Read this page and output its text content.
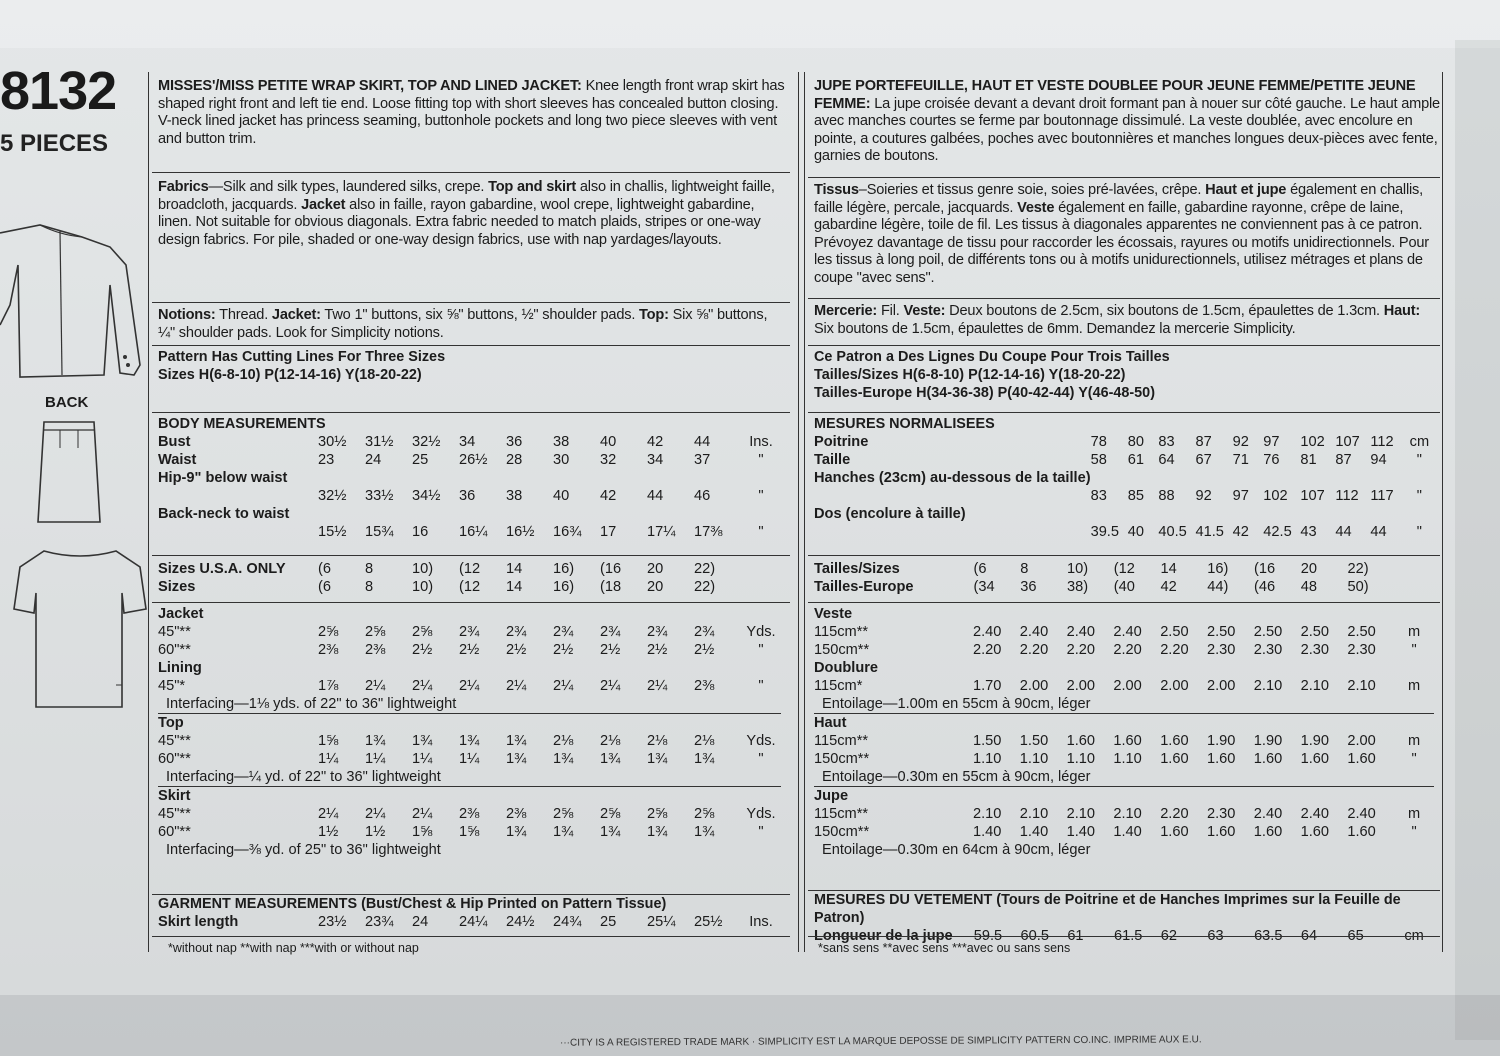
8132
5 PIECES
BACK

MISSES'/MISS PETITE WRAP SKIRT, TOP AND LINED JACKET: Knee length front wrap skirt has shaped right front and left tie end. Loose fitting top with short sleeves has concealed button closing. V-neck lined jacket has princess seaming, buttonhole pockets and long two piece sleeves with vent and button trim.

Fabrics—Silk and silk types, laundered silks, crepe. Top and skirt also in challis, lightweight faille, broadcloth, jacquards. Jacket also in faille, rayon gabardine, wool crepe, lightweight gabardine, linen. Not suitable for obvious diagonals. Extra fabric needed to match plaids, stripes or one-way design fabrics. For pile, shaded or one-way design fabrics, use with nap yardages/layouts.

Notions: Thread. Jacket: Two 1" buttons, six ⅝" buttons, ½" shoulder pads. Top: Six ⅝" buttons, ¼" shoulder pads. Look for Simplicity notions.

Pattern Has Cutting Lines For Three Sizes
Sizes H(6-8-10) P(12-14-16) Y(18-20-22)
BODY MEASUREMENTS
Bust	30½	31½	32½	34	36	38	40	42	44	Ins.
Waist	23	24	25	26½	28	30	32	34	37	"
Hip-9" below waist										
	32½	33½	34½	36	38	40	42	44	46	"
Back-neck to waist										
	15½	15¾	16	16¼	16½	16¾	17	17¼	17⅜	"
Sizes U.S.A. ONLY	(6	8	10)	(12	14	16)	(16	20	22)	
Sizes	(6	8	10)	(12	14	16)	(18	20	22)	
Jacket										
45"**	2⅝	2⅝	2⅝	2¾	2¾	2¾	2¾	2¾	2¾	Yds.
60"**	2⅜	2⅜	2½	2½	2½	2½	2½	2½	2½	"
Lining										
45"*	1⅞	2¼	2¼	2¼	2¼	2¼	2¼	2¼	2⅜	"
Interfacing—1⅛ yds. of 22" to 36" lightweight										
Top										
45"**	1⅝	1¾	1¾	1¾	1¾	2⅛	2⅛	2⅛	2⅛	Yds.
60"**	1¼	1¼	1¼	1¼	1¾	1¾	1¾	1¾	1¾	"
Interfacing—¼ yd. of 22" to 36" lightweight										
Skirt										
45"**	2¼	2¼	2¼	2⅜	2⅜	2⅝	2⅝	2⅝	2⅝	Yds.
60"**	1½	1½	1⅝	1⅝	1¾	1¾	1¾	1¾	1¾	"
Interfacing—⅜ yd. of 25" to 36" lightweight										
GARMENT MEASUREMENTS (Bust/Chest & Hip Printed on Pattern Tissue)
Skirt length	23½	23¾	24	24¼	24½	24¾	25	25¼	25½	Ins.
*without nap **with nap ***with or without nap

JUPE PORTEFEUILLE, HAUT ET VESTE DOUBLEE POUR JEUNE FEMME/PETITE JEUNE FEMME: La jupe croisée devant a devant droit formant pan à nouer sur côté gauche. Le haut ample avec manches courtes se ferme par boutonnage dissimulé. La veste doublée, avec encolure en pointe, a coutures galbées, poches avec boutonnières et manches longues deux-pièces avec fente, garnies de boutons.

Tissus–Soieries et tissus genre soie, soies pré-lavées, crêpe. Haut et jupe également en challis, faille légère, percale, jacquards. Veste également en faille, gabardine rayonne, crêpe de laine, gabardine légère, toile de fil. Les tissus à diagonales apparentes ne conviennent pas à ce patron. Prévoyez davantage de tissu pour raccorder les écossais, rayures ou motifs unidirectionnels. Pour les tissus à long poil, de différents tons ou à motifs unidurectionnels, utilisez métrages et plans de coupe "avec sens".

Mercerie: Fil. Veste: Deux boutons de 2.5cm, six boutons de 1.5cm, épaulettes de 1.3cm. Haut: Six boutons de 1.5cm, épaulettes de 6mm. Demandez la mercerie Simplicity.

Ce Patron a Des Lignes Du Coupe Pour Trois Tailles
Tailles/Sizes H(6-8-10) P(12-14-16) Y(18-20-22)
Tailles-Europe H(34-36-38) P(40-42-44) Y(46-48-50)
MESURES NORMALISEES
Poitrine	78	80	83	87	92	97	102	107	112	cm
Taille	58	61	64	67	71	76	81	87	94	"
Hanches (23cm) au-dessous de la taille)										
	83	85	88	92	97	102	107	112	117	"
Dos (encolure à taille)										
	39.5	40	40.5	41.5	42	42.5	43	44	44	"
Tailles/Sizes	(6	8	10)	(12	14	16)	(16	20	22)	
Tailles-Europe	(34	36	38)	(40	42	44)	(46	48	50)	
Veste										
115cm**	2.40	2.40	2.40	2.40	2.50	2.50	2.50	2.50	2.50	m
150cm**	2.20	2.20	2.20	2.20	2.20	2.30	2.30	2.30	2.30	"
Doublure										
115cm*	1.70	2.00	2.00	2.00	2.00	2.00	2.10	2.10	2.10	m
Entoilage—1.00m en 55cm à 90cm, léger										
Haut										
115cm**	1.50	1.50	1.60	1.60	1.60	1.90	1.90	1.90	2.00	m
150cm**	1.10	1.10	1.10	1.10	1.60	1.60	1.60	1.60	1.60	"
Entoilage—0.30m en 55cm à 90cm, léger										
Jupe										
115cm**	2.10	2.10	2.10	2.10	2.20	2.30	2.40	2.40	2.40	m
150cm**	1.40	1.40	1.40	1.40	1.60	1.60	1.60	1.60	1.60	"
Entoilage—0.30m en 64cm à 90cm, léger										
MESURES DU VETEMENT (Tours de Poitrine et de Hanches Imprimes sur la Feuille de Patron)
Longueur de la jupe	59.5	60.5	61	61.5	62	63	63.5	64	65	cm
*sans sens **avec sens ***avec ou sans sens
···CITY IS A REGISTERED TRADE MARK · SIMPLICITY EST LA MARQUE DEPOSSE DE SIMPLICITY PATTERN CO.INC. IMPRIME AUX E.U.
